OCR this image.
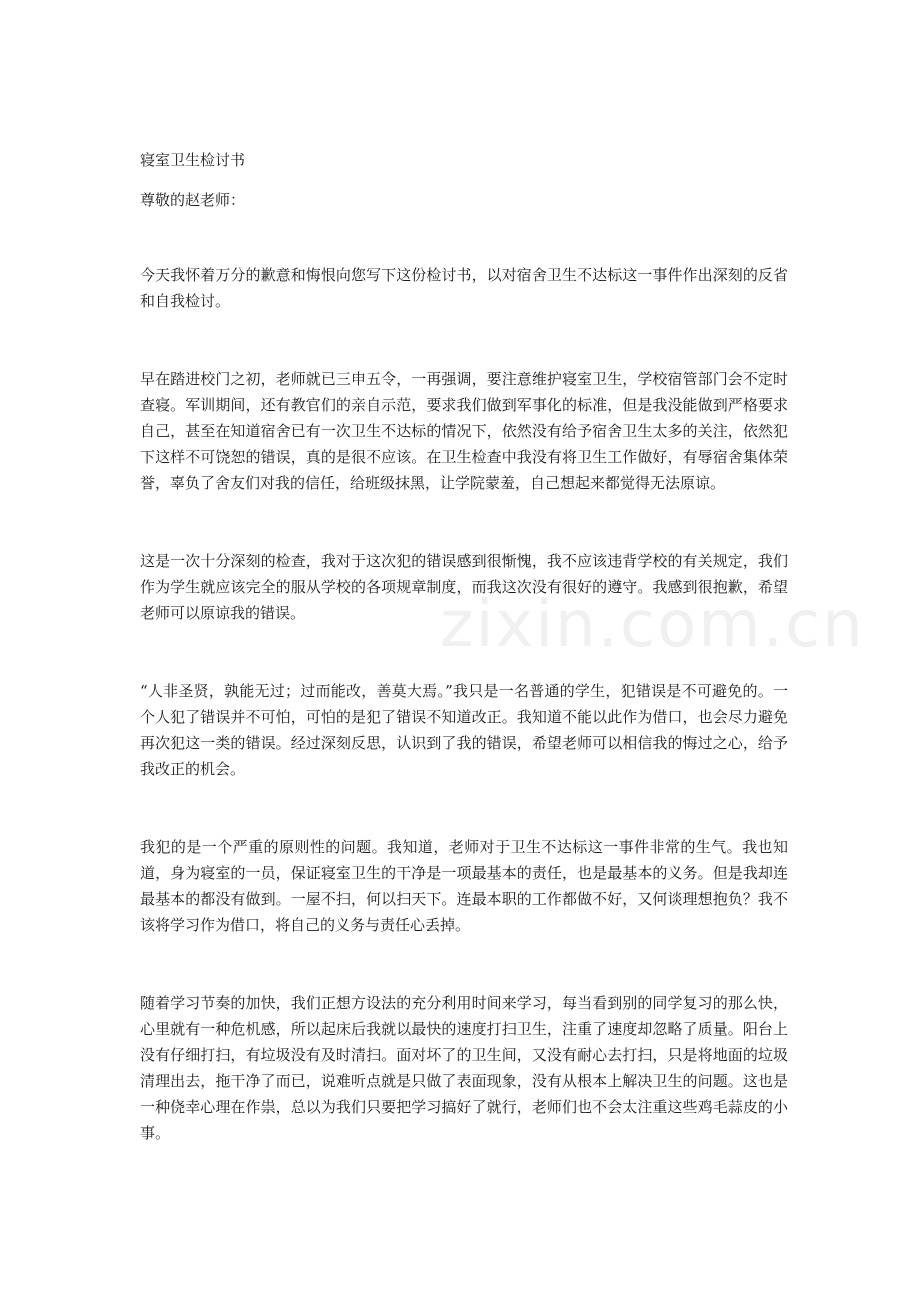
寝室卫生检讨书
尊敬的赵老师：

今天我怀着万分的歉意和悔恨向您写下这份检讨书，以对宿舍卫生不达标这一事件作出深刻的反省和自我检讨。

早在踏进校门之初，老师就已三申五令，一再强调，要注意维护寝室卫生，学校宿管部门会不定时查寝。军训期间，还有教官们的亲自示范，要求我们做到军事化的标准，但是我没能做到严格要求自己，甚至在知道宿舍已有一次卫生不达标的情况下，依然没有给予宿舍卫生太多的关注，依然犯下这样不可饶恕的错误，真的是很不应该。在卫生检查中我没有将卫生工作做好，有辱宿舍集体荣誉，辜负了舍友们对我的信任，给班级抹黑，让学院蒙羞，自己想起来都觉得无法原谅。

这是一次十分深刻的检查，我对于这次犯的错误感到很惭愧，我不应该违背学校的有关规定，我们作为学生就应该完全的服从学校的各项规章制度，而我这次没有很好的遵守。我感到很抱歉，希望老师可以原谅我的错误。

“人非圣贤，孰能无过；过而能改，善莫大焉。”我只是一名普通的学生，犯错误是不可避免的。一个人犯了错误并不可怕，可怕的是犯了错误不知道改正。我知道不能以此作为借口，也会尽力避免再次犯这一类的错误。经过深刻反思，认识到了我的错误，希望老师可以相信我的悔过之心，给予我改正的机会。

我犯的是一个严重的原则性的问题。我知道，老师对于卫生不达标这一事件非常的生气。我也知道，身为寝室的一员，保证寝室卫生的干净是一项最基本的责任，也是最基本的义务。但是我却连最基本的都没有做到。一屋不扫，何以扫天下。连最本职的工作都做不好，又何谈理想抱负？我不该将学习作为借口，将自己的义务与责任心丢掉。

随着学习节奏的加快，我们正想方设法的充分利用时间来学习，每当看到别的同学复习的那么快，心里就有一种危机感，所以起床后我就以最快的速度打扫卫生，注重了速度却忽略了质量。阳台上没有仔细打扫，有垃圾没有及时清扫。面对坏了的卫生间，又没有耐心去打扫，只是将地面的垃圾清理出去，拖干净了而已，说难听点就是只做了表面现象，没有从根本上解决卫生的问题。这也是一种侥幸心理在作祟，总以为我们只要把学习搞好了就行，老师们也不会太注重这些鸡毛蒜皮的小事。

zixin.com.cn
